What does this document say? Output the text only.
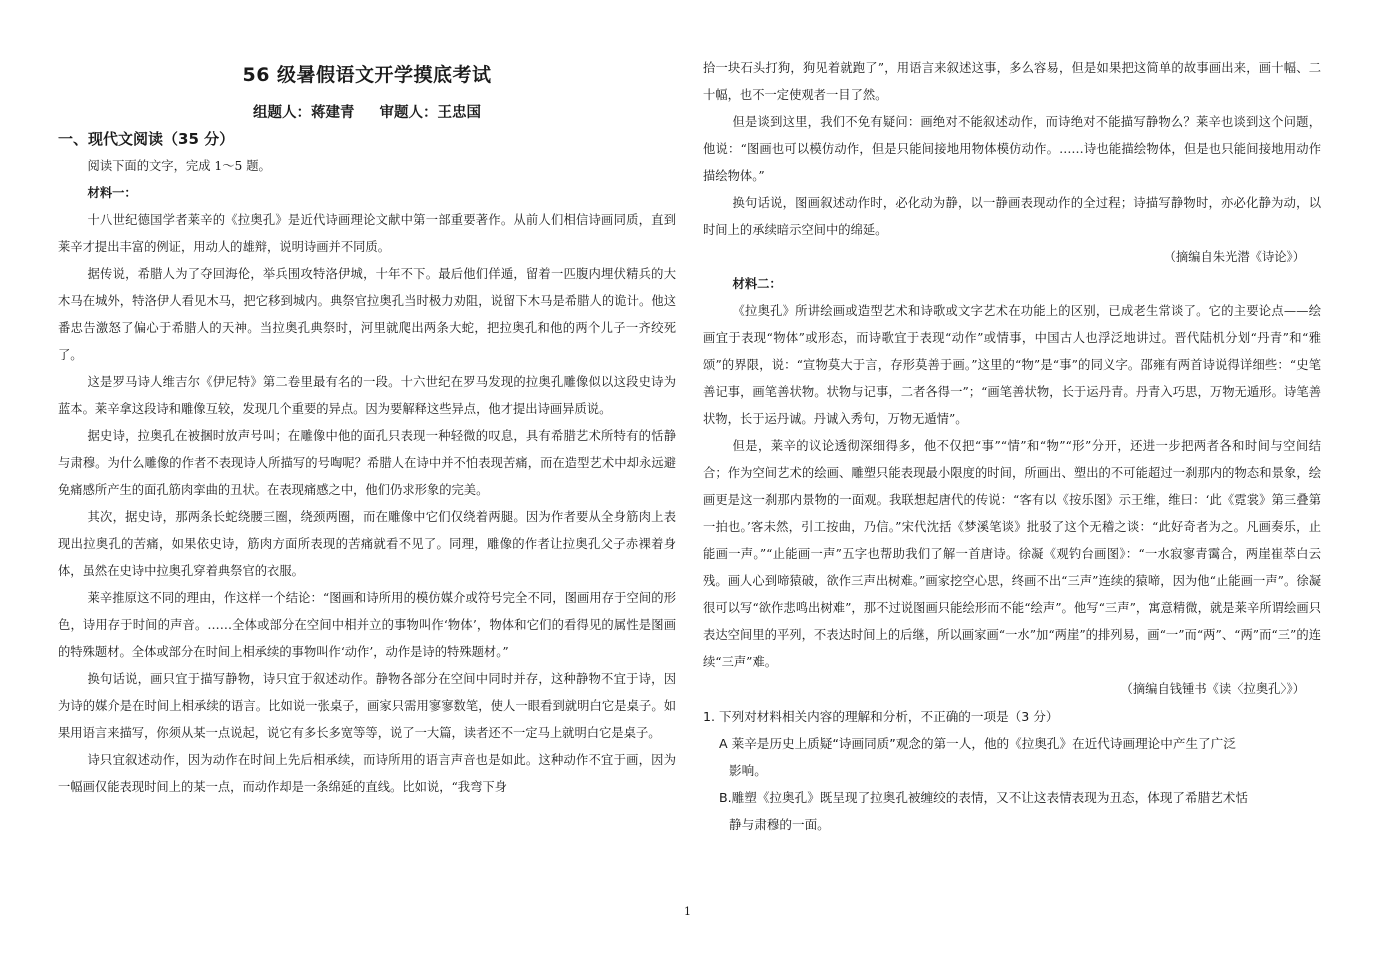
56 级暑假语文开学摸底考试
组题人：蒋建青 审题人：王忠国
一、现代文阅读（35 分）
阅读下面的文字，完成 1～5 题。
材料一：
十八世纪德国学者莱辛的《拉奥孔》是近代诗画理论文献中第一部重要著作。从前人们相信诗画同质，直到莱辛才提出丰富的例证，用动人的雄辩，说明诗画并不同质。
据传说，希腊人为了夺回海伦，举兵围攻特洛伊城，十年不下。最后他们佯遁，留着一匹腹内埋伏精兵的大木马在城外，特洛伊人看见木马，把它移到城内。典祭官拉奥孔当时极力劝阻，说留下木马是希腊人的诡计。他这番忠告激怒了偏心于希腊人的天神。当拉奥孔典祭时，河里就爬出两条大蛇，把拉奥孔和他的两个儿子一齐绞死了。
这是罗马诗人维吉尔《伊尼特》第二卷里最有名的一段。十六世纪在罗马发现的拉奥孔雕像似以这段史诗为蓝本。莱辛拿这段诗和雕像互较，发现几个重要的异点。因为要解释这些异点，他才提出诗画异质说。
据史诗，拉奥孔在被捆时放声号叫；在雕像中他的面孔只表现一种轻微的叹息，具有希腊艺术所特有的恬静与肃穆。为什么雕像的作者不表现诗人所描写的号啕呢？希腊人在诗中并不怕表现苦痛，而在造型艺术中却永远避免痛感所产生的面孔筋肉挛曲的丑状。在表现痛感之中，他们仍求形象的完美。
其次，据史诗，那两条长蛇绕腰三圈，绕颈两圈，而在雕像中它们仅绕着两腿。因为作者要从全身筋肉上表现出拉奥孔的苦痛，如果依史诗，筋肉方面所表现的苦痛就看不见了。同理，雕像的作者让拉奥孔父子赤裸着身体，虽然在史诗中拉奥孔穿着典祭官的衣服。
莱辛推原这不同的理由，作这样一个结论：“图画和诗所用的模仿媒介或符号完全不同，图画用存于空间的形色，诗用存于时间的声音。……全体或部分在空间中相并立的事物叫作‘物体’，物体和它们的看得见的属性是图画的特殊题材。全体或部分在时间上相承续的事物叫作‘动作’，动作是诗的特殊题材。”
换句话说，画只宜于描写静物，诗只宜于叙述动作。静物各部分在空间中同时并存，这种静物不宜于诗，因为诗的媒介是在时间上相承续的语言。比如说一张桌子，画家只需用寥寥数笔，使人一眼看到就明白它是桌子。如果用语言来描写，你须从某一点说起，说它有多长多宽等等，说了一大篇，读者还不一定马上就明白它是桌子。
诗只宜叙述动作，因为动作在时间上先后相承续，而诗所用的语言声音也是如此。这种动作不宜于画，因为一幅画仅能表现时间上的某一点，而动作却是一条绵延的直线。比如说，“我弯下身
拾一块石头打狗，狗见着就跑了”，用语言来叙述这事，多么容易，但是如果把这简单的故事画出来，画十幅、二十幅，也不一定使观者一目了然。
但是谈到这里，我们不免有疑问：画绝对不能叙述动作，而诗绝对不能描写静物么？莱辛也谈到这个问题，他说：“图画也可以模仿动作，但是只能间接地用物体模仿动作。……诗也能描绘物体，但是也只能间接地用动作描绘物体。”
换句话说，图画叙述动作时，必化动为静，以一静画表现动作的全过程；诗描写静物时，亦必化静为动，以时间上的承续暗示空间中的绵延。
（摘编自朱光潜《诗论》）
材料二：
《拉奥孔》所讲绘画或造型艺术和诗歌或文字艺术在功能上的区别，已成老生常谈了。它的主要论点——绘画宜于表现“物体”或形态，而诗歌宜于表现“动作”或情事，中国古人也浮泛地讲过。晋代陆机分划“丹青”和“雅颂”的界限，说：“宣物莫大于言，存形莫善于画。”这里的“物”是“事”的同义字。邵雍有两首诗说得详细些：“史笔善记事，画笔善状物。状物与记事，二者各得一”；“画笔善状物，长于运丹青。丹青入巧思，万物无遁形。诗笔善状物，长于运丹诚。丹诚入秀句，万物无遁情”。
但是，莱辛的议论透彻深细得多，他不仅把“事”“情”和“物”“形”分开，还进一步把两者各和时间与空间结合；作为空间艺术的绘画、雕塑只能表现最小限度的时间，所画出、塑出的不可能超过一刹那内的物态和景象，绘画更是这一刹那内景物的一面观。我联想起唐代的传说：“客有以《按乐图》示王维，维曰：‘此《霓裳》第三叠第一拍也。’客未然，引工按曲，乃信。”宋代沈括《梦溪笔谈》批驳了这个无稽之谈：“此好奇者为之。凡画奏乐，止能画一声。”“止能画一声”五字也帮助我们了解一首唐诗。徐凝《观钓台画图》：“一水寂寥青霭合，两崖崔萃白云残。画人心到啼猿破，欲作三声出树难。”画家挖空心思，终画不出“三声”连续的猿啼，因为他“止能画一声”。徐凝很可以写“欲作悲鸣出树难”，那不过说图画只能绘形而不能“绘声”。他写“三声”，寓意精微，就是莱辛所谓绘画只表达空间里的平列，不表达时间上的后继，所以画家画“一水”加“两崖”的排列易，画“一”而“两”、“两”而“三”的连续“三声”难。
（摘编自钱锺书《读〈拉奥孔〉》）
1. 下列对材料相关内容的理解和分析，不正确的一项是（3 分）
A 莱辛是历史上质疑“诗画同质”观念的第一人，他的《拉奥孔》在近代诗画理论中产生了广泛
影响。
B.雕塑《拉奥孔》既呈现了拉奥孔被缠绞的表情，又不让这表情表现为丑态，体现了希腊艺术恬
静与肃穆的一面。
1
